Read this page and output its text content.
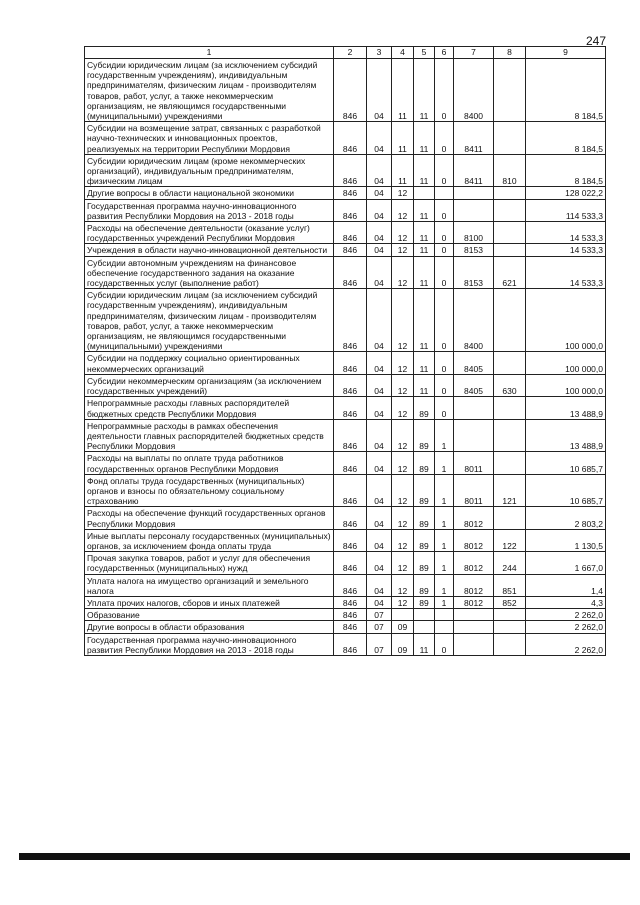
247
1	2	3	4	5	6	7	8	9
Субсидии юридическим лицам (за исключением субсидий государственным учреждениям), индивидуальным предпринимателям, физическим лицам - производителям товаров, работ, услуг, а также некоммерческим организациям, не являющимся государственными (муниципальными) учреждениями	846	04	11	11	0	8400		8 184,5
Субсидии на возмещение затрат, связанных с разработкой научно-технических и инновационных проектов, реализуемых на территории Республики Мордовия	846	04	11	11	0	8411		8 184,5
Субсидии юридическим лицам (кроме некоммерческих организаций), индивидуальным предпринимателям, физическим лицам	846	04	11	11	0	8411	810	8 184,5
Другие вопросы в области национальной экономики	846	04	12					128 022,2
Государственная программа научно-инновационного развития Республики Мордовия на 2013 - 2018 годы	846	04	12	11	0			114 533,3
Расходы на обеспечение деятельности (оказание услуг) государственных учреждений Республики Мордовия	846	04	12	11	0	8100		14 533,3
Учреждения в области научно-инновационной деятельности	846	04	12	11	0	8153		14 533,3
Субсидии автономным учреждениям на финансовое обеспечение государственного задания на оказание государственных услуг (выполнение работ)	846	04	12	11	0	8153	621	14 533,3
Субсидии юридическим лицам (за исключением субсидий государственным учреждениям), индивидуальным предпринимателям, физическим лицам - производителям товаров, работ, услуг, а также некоммерческим организациям, не являющимся государственными (муниципальными) учреждениями	846	04	12	11	0	8400		100 000,0
Субсидии на поддержку социально ориентированных некоммерческих организаций	846	04	12	11	0	8405		100 000,0
Субсидии некоммерческим организациям (за исключением государственных учреждений)	846	04	12	11	0	8405	630	100 000,0
Непрограммные расходы главных распорядителей бюджетных средств Республики Мордовия	846	04	12	89	0			13 488,9
Непрограммные расходы в рамках обеспечения деятельности главных распорядителей бюджетных средств Республики Мордовия	846	04	12	89	1			13 488,9
Расходы на выплаты по оплате труда работников государственных органов Республики Мордовия	846	04	12	89	1	8011		10 685,7
Фонд оплаты труда государственных (муниципальных) органов и взносы по обязательному социальному страхованию	846	04	12	89	1	8011	121	10 685,7
Расходы на обеспечение функций государственных органов Республики Мордовия	846	04	12	89	1	8012		2 803,2
Иные выплаты персоналу государственных (муниципальных) органов, за исключением фонда оплаты труда	846	04	12	89	1	8012	122	1 130,5
Прочая закупка товаров, работ и услуг для обеспечения государственных (муниципальных) нужд	846	04	12	89	1	8012	244	1 667,0
Уплата налога на имущество организаций и земельного налога	846	04	12	89	1	8012	851	1,4
Уплата прочих налогов, сборов и иных платежей	846	04	12	89	1	8012	852	4,3
Образование	846	07						2 262,0
Другие вопросы в области образования	846	07	09					2 262,0
Государственная программа научно-инновационного развития Республики Мордовия на 2013 - 2018 годы	846	07	09	11	0			2 262,0
